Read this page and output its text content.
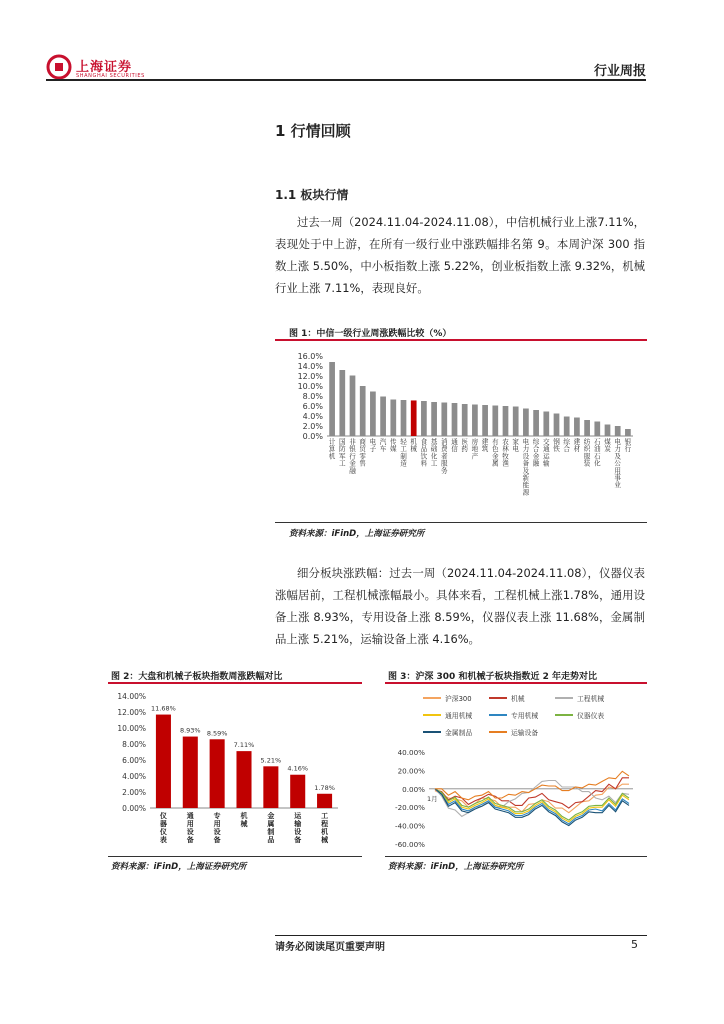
上海证券
SHANGHAI SECURITIES	行业周报
1 行情回顾
1.1 板块行情
过去一周（2024.11.04-2024.11.08），中信机械行业上涨7.11%，表现处于中上游，在所有一级行业中涨跌幅排名第 9。本周沪深 300 指数上涨 5.50%，中小板指数上涨 5.22%，创业板指数上涨 9.32%，机械行业上涨 7.11%，表现良好。
图 1：中信一级行业周涨跌幅比较（%）
16.0%
14.0%
12.0%
10.0%
8.0%
6.0%
4.0%
2.0%
0.0%
计算机
国防军工
非银行金融
商贸零售
电子
汽车
传媒
轻工制造
机械
食品饮料
基础化工
消费者服务
通信
医药
房地产
建筑
有色金属
农林牧渔
家电
电力设备及新能源
综合金融
交通运输
钢铁
综合
建材
纺织服装
石油石化
煤炭
电力及公用事业
银行
资料来源：iFinD，上海证券研究所
细分板块涨跌幅：过去一周（2024.11.04-2024.11.08），仪器仪表涨幅居前，工程机械涨幅最小。具体来看，工程机械上涨1.78%，通用设备上涨 8.93%，专用设备上涨 8.59%，仪器仪表上涨 11.68%，金属制品上涨 5.21%，运输设备上涨 4.16%。
图 2：大盘和机械子板块指数周涨跌幅对比
14.00%
12.00%
10.00%
8.00%
6.00%
4.00%
2.00%
0.00%
11.68%
仪器仪表
8.93%
通用设备
8.59%
专用设备
7.11%
机械
5.21%
金属制品
4.16%
运输设备
1.78%
工程机械
资料来源：iFinD，上海证券研究所
图 3：沪深 300 和机械子板块指数近 2 年走势对比
沪深300	机械	工程机械
通用机械	专用机械	仪器仪表
金属制品	运输设备
40.00%
20.00%
0.00%
-20.00%
-40.00%
-60.00%
1月
资料来源：iFinD，上海证券研究所
请务必阅读尾页重要声明	5
